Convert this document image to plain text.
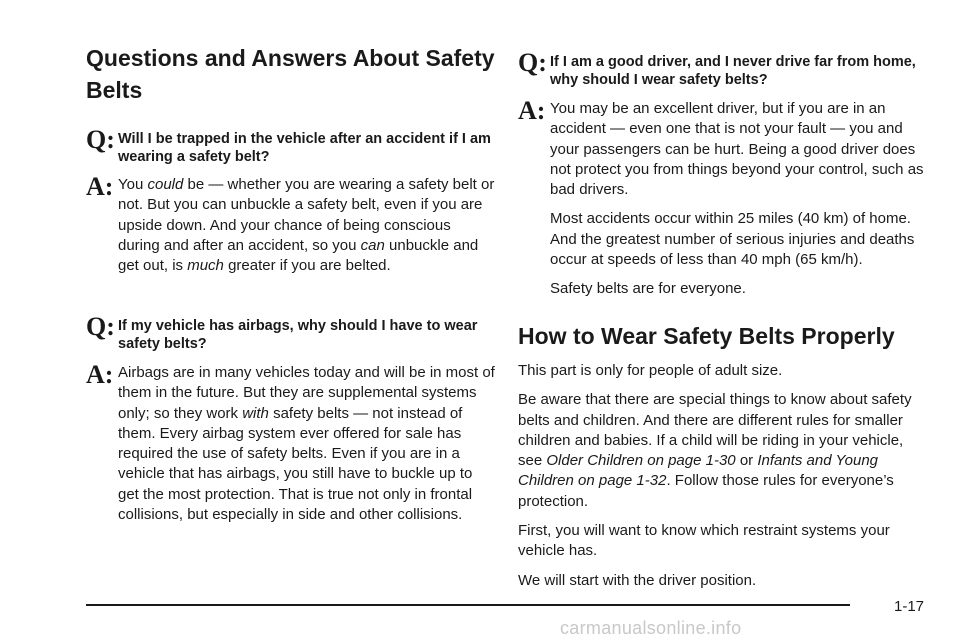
Questions and Answers About Safety Belts
Q: Will I be trapped in the vehicle after an accident if I am wearing a safety belt?
A: You could be — whether you are wearing a safety belt or not. But you can unbuckle a safety belt, even if you are upside down. And your chance of being conscious during and after an accident, so you can unbuckle and get out, is much greater if you are belted.
Q: If my vehicle has airbags, why should I have to wear safety belts?
A: Airbags are in many vehicles today and will be in most of them in the future. But they are supplemental systems only; so they work with safety belts — not instead of them. Every airbag system ever offered for sale has required the use of safety belts. Even if you are in a vehicle that has airbags, you still have to buckle up to get the most protection. That is true not only in frontal collisions, but especially in side and other collisions.
Q: If I am a good driver, and I never drive far from home, why should I wear safety belts?
A: You may be an excellent driver, but if you are in an accident — even one that is not your fault — you and your passengers can be hurt. Being a good driver does not protect you from things beyond your control, such as bad drivers.

Most accidents occur within 25 miles (40 km) of home. And the greatest number of serious injuries and deaths occur at speeds of less than 40 mph (65 km/h).

Safety belts are for everyone.

How to Wear Safety Belts Properly

This part is only for people of adult size.

Be aware that there are special things to know about safety belts and children. And there are different rules for smaller children and babies. If a child will be riding in your vehicle, see Older Children on page 1-30 or Infants and Young Children on page 1-32. Follow those rules for everyone’s protection.

First, you will want to know which restraint systems your vehicle has.

We will start with the driver position.

1-17
carmanualsonline.info
